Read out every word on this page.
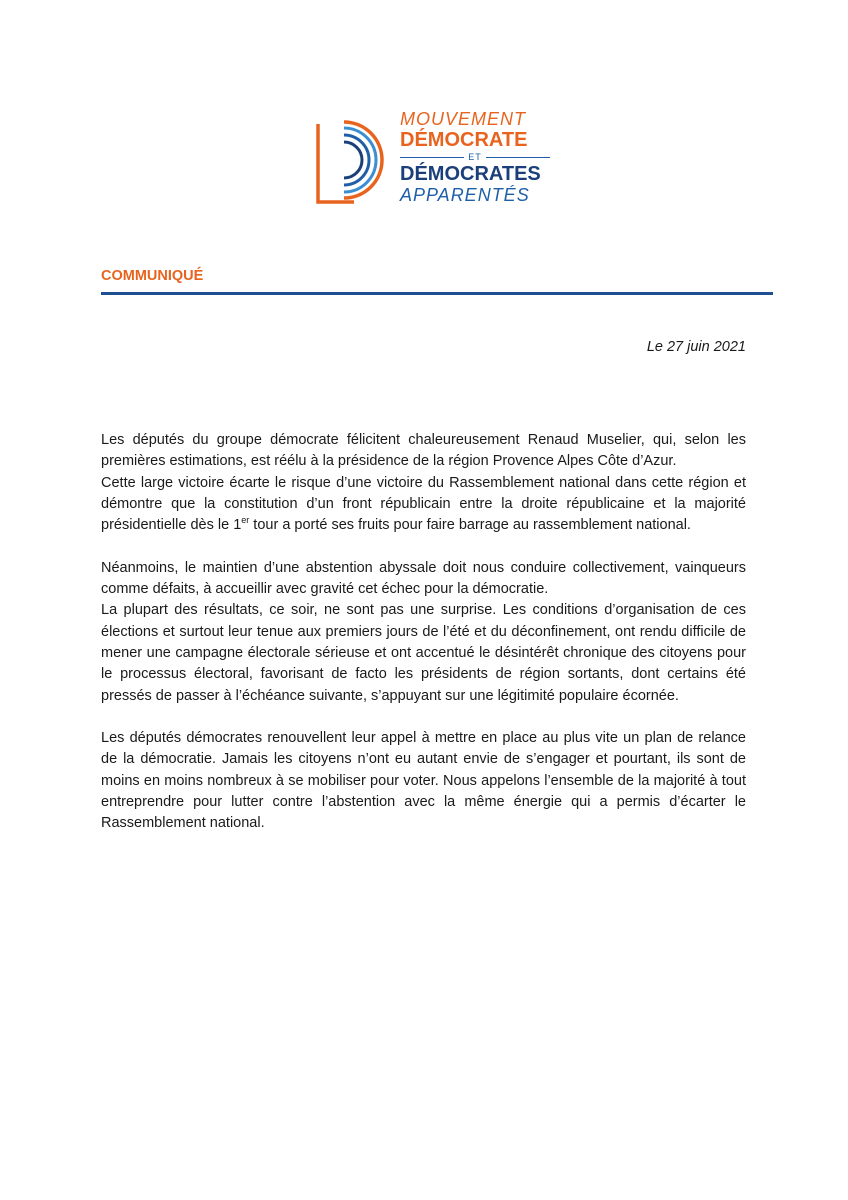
MOUVEMENT
DÉMOCRATE
ET
DÉMOCRATES
APPARENTÉS
COMMUNIQUÉ
Le 27 juin 2021

Les députés du groupe démocrate félicitent chaleureusement Renaud Muselier, qui, selon les premières estimations, est réélu à la présidence de la région Provence Alpes Côte d’Azur.

Cette large victoire écarte le risque d’une victoire du Rassemblement national dans cette région et démontre que la constitution d’un front républicain entre la droite républicaine et la majorité présidentielle dès le 1er tour a porté ses fruits pour faire barrage au rassemblement national.

Néanmoins, le maintien d’une abstention abyssale doit nous conduire collectivement, vainqueurs comme défaits, à accueillir avec gravité cet échec pour la démocratie.

La plupart des résultats, ce soir, ne sont pas une surprise. Les conditions d’organisation de ces élections et surtout leur tenue aux premiers jours de l’été et du déconfinement, ont rendu difficile de mener une campagne électorale sérieuse et ont accentué le désintérêt chronique des citoyens pour le processus électoral, favorisant de facto les présidents de région sortants, dont certains été pressés de passer à l’échéance suivante, s’appuyant sur une légitimité populaire écornée.

Les députés démocrates renouvellent leur appel à mettre en place au plus vite un plan de relance de la démocratie. Jamais les citoyens n’ont eu autant envie de s’engager et pourtant, ils sont de moins en moins nombreux à se mobiliser pour voter. Nous appelons l’ensemble de la majorité à tout entreprendre pour lutter contre l’abstention avec la même énergie qui a permis d’écarter le Rassemblement national.
